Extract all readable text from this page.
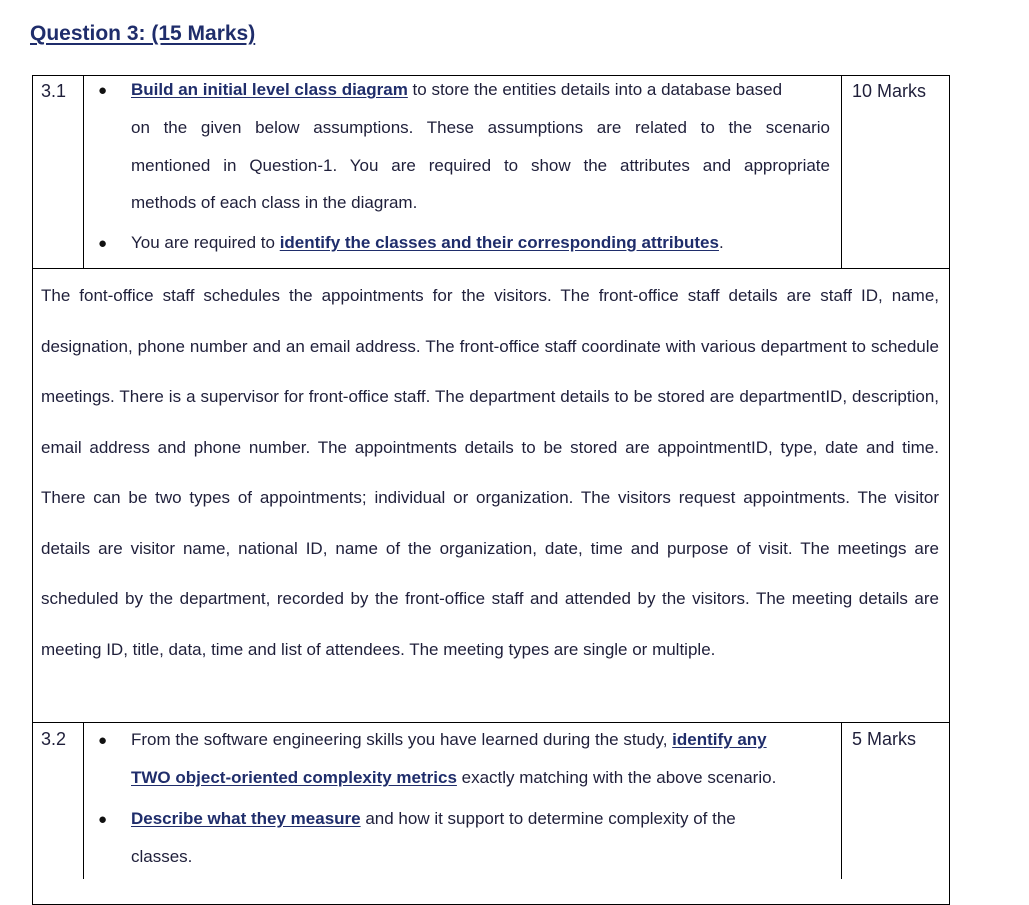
Question 3: (15 Marks)
3.1	10 Marks
● Build an initial level class diagram to store the entities details into a database based
on the given below assumptions. These assumptions are related to the scenario
mentioned in Question-1. You are required to show the attributes and appropriate
methods of each class in the diagram.
● You are required to identify the classes and their corresponding attributes.
The font-office staff schedules the appointments for the visitors. The front-office staff details are staff ID, name, designation, phone number and an email address. The front-office staff coordinate with various department to schedule meetings. There is a supervisor for front-office staff. The department details to be stored are departmentID, description, email address and phone number. The appointments details to be stored are appointmentID, type, date and time. There can be two types of appointments; individual or organization. The visitors request appointments. The visitor details are visitor name, national ID, name of the organization, date, time and purpose of visit. The meetings are scheduled by the department, recorded by the front-office staff and attended by the visitors. The meeting details are meeting ID, title, data, time and list of attendees. The meeting types are single or multiple.
3.2	5 Marks
● From the software engineering skills you have learned during the study, identify any
TWO object-oriented complexity metrics exactly matching with the above scenario.
● Describe what they measure and how it support to determine complexity of the
classes.
